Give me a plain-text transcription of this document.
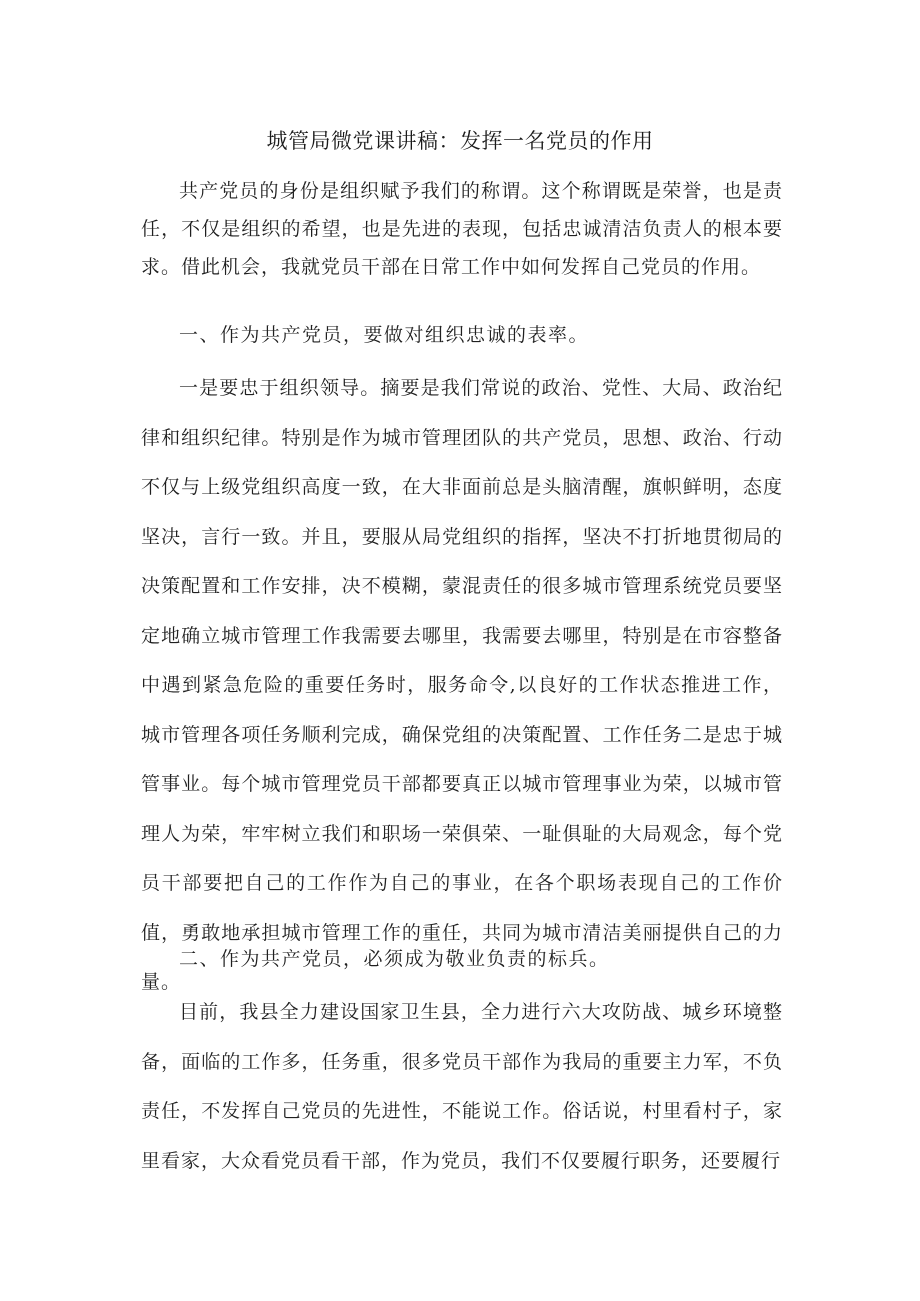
城管局微党课讲稿：发挥一名党员的作用

共产党员的身份是组织赋予我们的称谓。这个称谓既是荣誉，也是责任，不仅是组织的希望，也是先进的表现，包括忠诚清洁负责人的根本要求。借此机会，我就党员干部在日常工作中如何发挥自己党员的作用。

一、作为共产党员，要做对组织忠诚的表率。

一是要忠于组织领导。摘要是我们常说的政治、党性、大局、政治纪律和组织纪律。特别是作为城市管理团队的共产党员，思想、政治、行动不仅与上级党组织高度一致，在大非面前总是头脑清醒，旗帜鲜明，态度坚决，言行一致。并且，要服从局党组织的指挥，坚决不打折地贯彻局的决策配置和工作安排，决不模糊，蒙混责任的很多城市管理系统党员要坚定地确立城市管理工作我需要去哪里，我需要去哪里，特别是在市容整备中遇到紧急危险的重要任务时，服务命令,以良好的工作状态推进工作，城市管理各项任务顺利完成，确保党组的决策配置、工作任务二是忠于城管事业。每个城市管理党员干部都要真正以城市管理事业为荣，以城市管理人为荣，牢牢树立我们和职场一荣俱荣、一耻俱耻的大局观念，每个党员干部要把自己的工作作为自己的事业，在各个职场表现自己的工作价值，勇敢地承担城市管理工作的重任，共同为城市清洁美丽提供自己的力量。

二、作为共产党员，必须成为敬业负责的标兵。

目前，我县全力建设国家卫生县，全力进行六大攻防战、城乡环境整备，面临的工作多，任务重，很多党员干部作为我局的重要主力军，不负责任，不发挥自己党员的先进性，不能说工作。俗话说，村里看村子，家里看家，大众看党员看干部，作为党员，我们不仅要履行职务，还要履行
